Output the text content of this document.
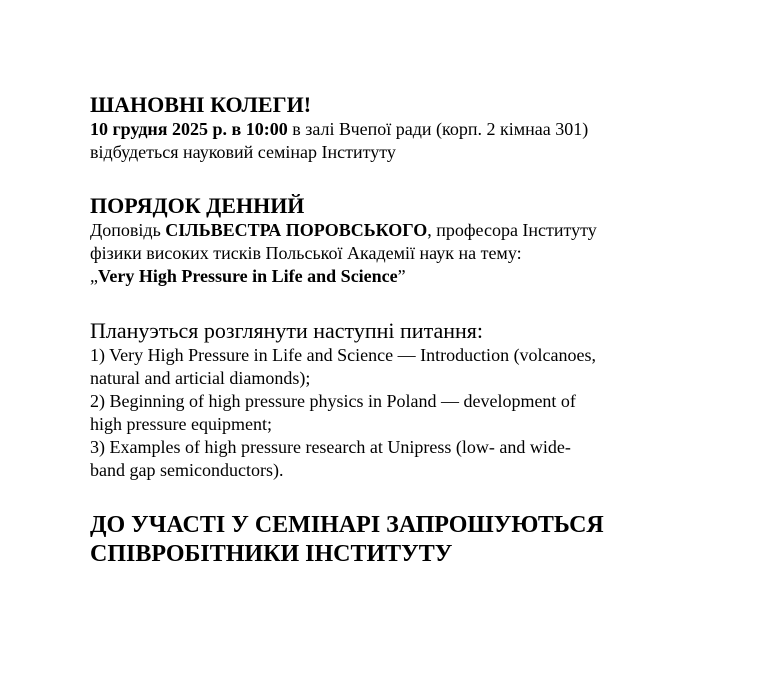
ШАНОВНІ КОЛЕГИ!

10 грудня 2025 р. в 10:00 в залі Вчепої ради (корп. 2 кімнаа 301)

відбудеться науковий семінар Інституту

ПОРЯДОК ДЕННИЙ

Доповідь СІЛЬВЕСТРА ПОРОВСЬКОГО, професора Інституту

фізики високих тисків Польської Академії наук на тему:

„Very High Pressure in Life and Science”

Плануэться розглянути наступні питання:

1) Very High Pressure in Life and Science — Introduction (volcanoes,

natural and articial diamonds);

2) Beginning of high pressure physics in Poland — development of

high pressure equipment;

3) Examples of high pressure research at Unipress (low- and wide-

band gap semiconductors).

ДО УЧАСТІ У СЕМІНАРІ ЗАПРОШУЮТЬСЯ

СПІВРОБІТНИКИ ІНСТИТУТУ
